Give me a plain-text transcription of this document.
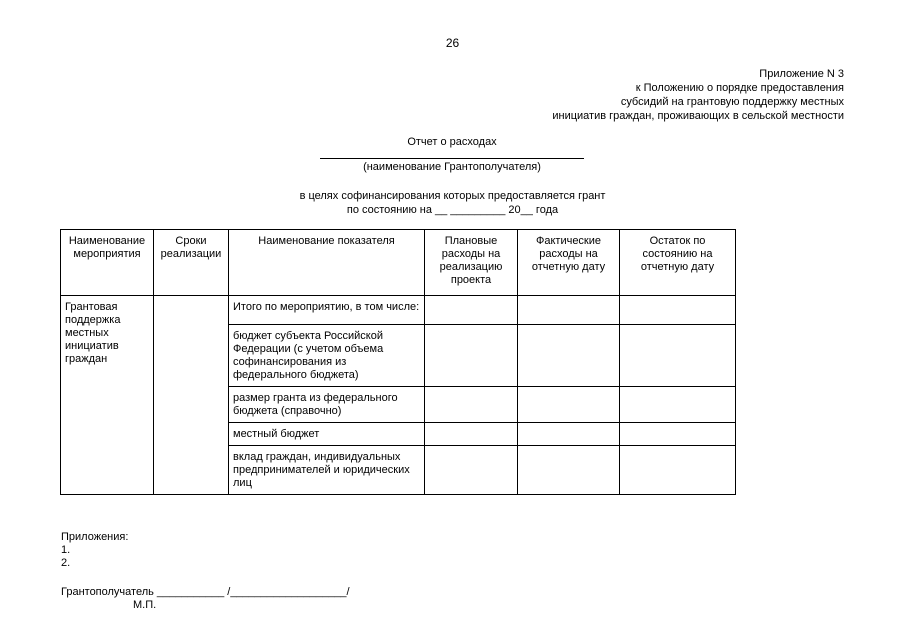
26
Приложение N 3
к Положению о порядке предоставления
субсидий на грантовую поддержку местных
инициатив граждан, проживающих в сельской местности
Отчет о расходах
(наименование Грантополучателя)
в целях софинансирования которых предоставляется грант
по состоянию на __ _________ 20__ года
Наименование мероприятия	Сроки реализации	Наименование показателя	Плановые расходы на реализацию проекта	Фактические расходы на отчетную дату	Остаток по состоянию на отчетную дату
Грантовая поддержка местных инициатив граждан		Итого по мероприятию, в том числе:			
		бюджет субъекта Российской Федерации (с учетом объема софинансирования из федерального бюджета)			
		размер гранта из федерального бюджета (справочно)			
		местный бюджет			
		вклад граждан, индивидуальных предпринимателей и юридических лиц			
Приложения:
1.
2.
Грантополучатель ___________ /___________________/
М.П.
